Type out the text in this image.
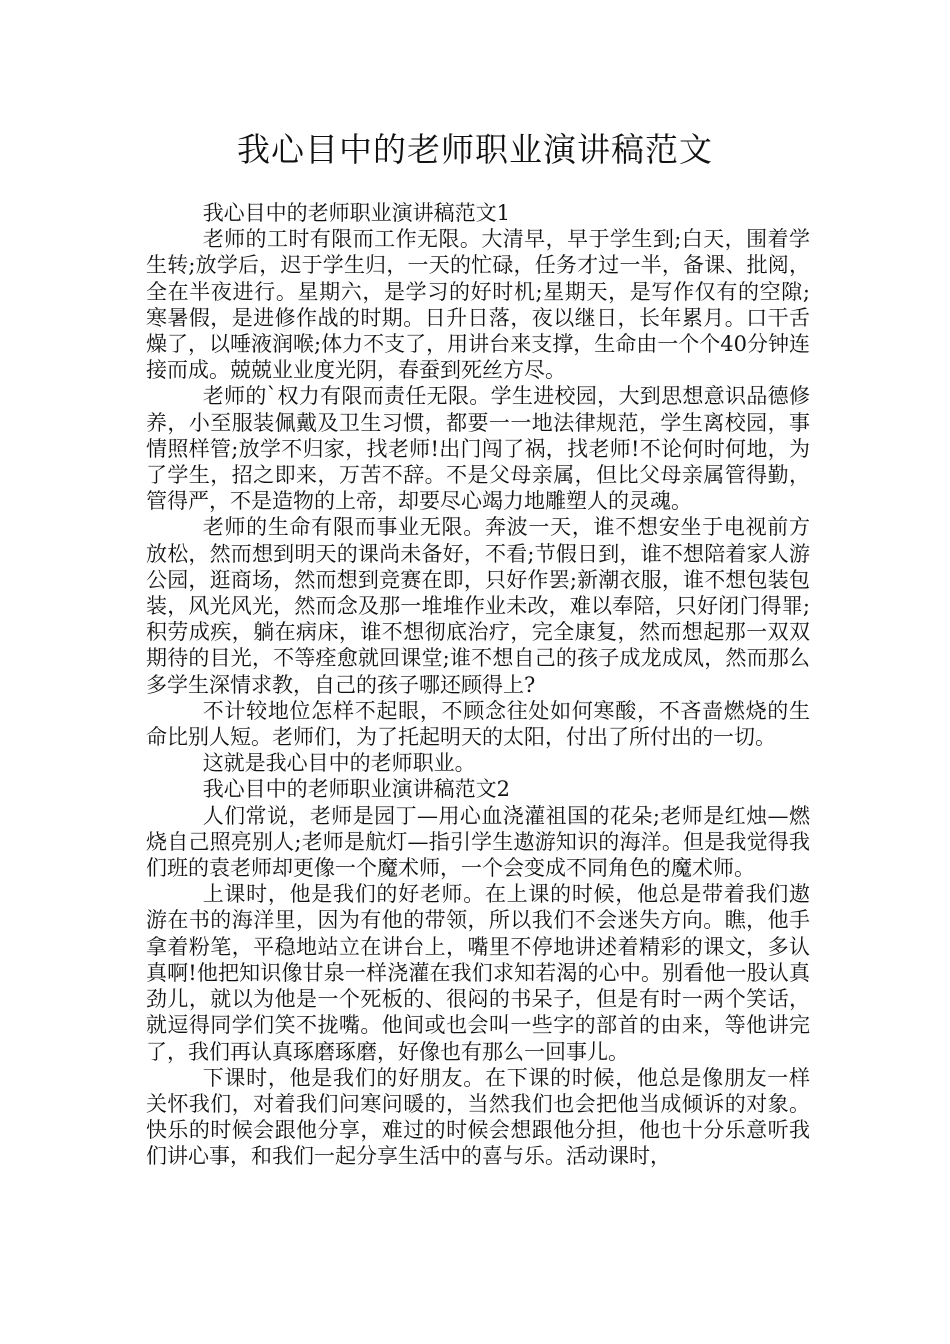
我心目中的老师职业演讲稿范文

我心目中的老师职业演讲稿范文1

老师的工时有限而工作无限。大清早，早于学生到;白天，围着学生转;放学后，迟于学生归，一天的忙碌，任务才过一半，备课、批阅，全在半夜进行。星期六，是学习的好时机;星期天，是写作仅有的空隙;寒暑假，是进修作战的时期。日升日落，夜以继日，长年累月。口干舌燥了，以唾液润喉;体力不支了，用讲台来支撑，生命由一个个40分钟连接而成。兢兢业业度光阴，春蚕到死丝方尽。

老师的`权力有限而责任无限。学生进校园，大到思想意识品德修养，小至服装佩戴及卫生习惯，都要一一地法律规范，学生离校园，事情照样管;放学不归家，找老师!出门闯了祸，找老师!不论何时何地，为了学生，招之即来，万苦不辞。不是父母亲属，但比父母亲属管得勤，管得严，不是造物的上帝，却要尽心竭力地雕塑人的灵魂。

老师的生命有限而事业无限。奔波一天，谁不想安坐于电视前方放松，然而想到明天的课尚未备好，不看;节假日到，谁不想陪着家人游公园，逛商场，然而想到竞赛在即，只好作罢;新潮衣服，谁不想包装包装，风光风光，然而念及那一堆堆作业未改，难以奉陪，只好闭门得罪;积劳成疾，躺在病床，谁不想彻底治疗，完全康复，然而想起那一双双期待的目光，不等痊愈就回课堂;谁不想自己的孩子成龙成凤，然而那么多学生深情求教，自己的孩子哪还顾得上?

不计较地位怎样不起眼，不顾念往处如何寒酸，不吝啬燃烧的生命比别人短。老师们，为了托起明天的太阳，付出了所付出的一切。

这就是我心目中的老师职业。

我心目中的老师职业演讲稿范文2

人们常说，老师是园丁—用心血浇灌祖国的花朵;老师是红烛—燃烧自己照亮别人;老师是航灯—指引学生遨游知识的海洋。但是我觉得我们班的袁老师却更像一个魔术师，一个会变成不同角色的魔术师。

上课时，他是我们的好老师。在上课的时候，他总是带着我们遨游在书的海洋里，因为有他的带领，所以我们不会迷失方向。瞧，他手拿着粉笔，平稳地站立在讲台上，嘴里不停地讲述着精彩的课文，多认真啊!他把知识像甘泉一样浇灌在我们求知若渴的心中。别看他一股认真劲儿，就以为他是一个死板的、很闷的书呆子，但是有时一两个笑话，就逗得同学们笑不拢嘴。他间或也会叫一些字的部首的由来，等他讲完了，我们再认真琢磨琢磨，好像也有那么一回事儿。

下课时，他是我们的好朋友。在下课的时候，他总是像朋友一样关怀我们，对着我们问寒问暖的，当然我们也会把他当成倾诉的对象。快乐的时候会跟他分享，难过的时候会想跟他分担，他也十分乐意听我们讲心事，和我们一起分享生活中的喜与乐。活动课时，
